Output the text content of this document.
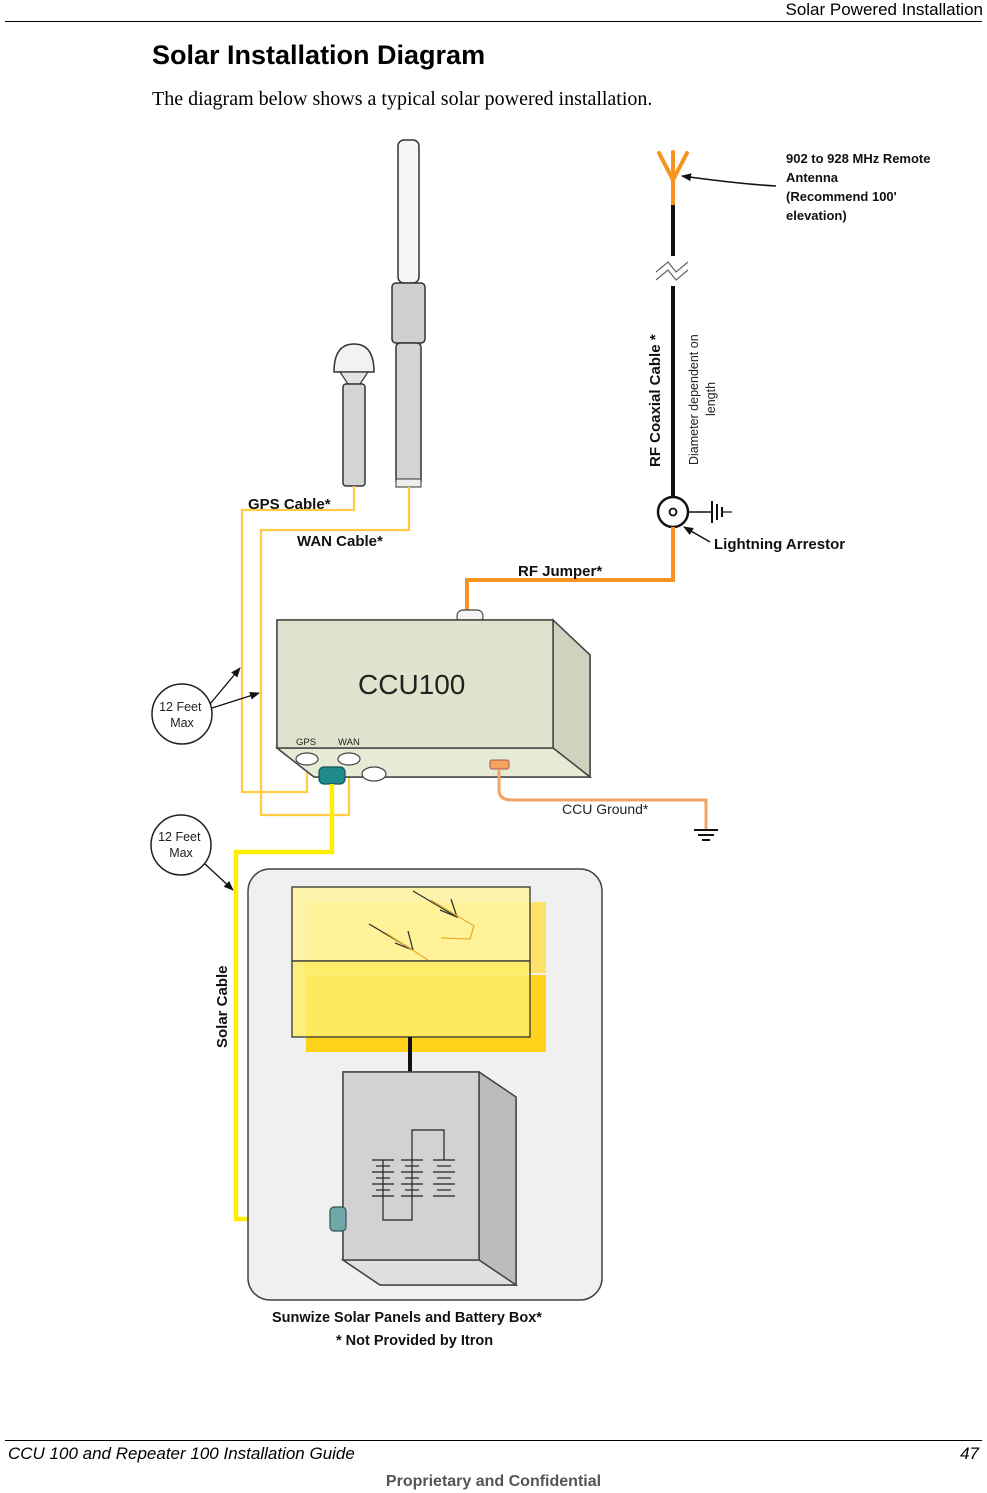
Solar Powered Installation
Solar Installation Diagram

The diagram below shows a typical solar powered installation.

902 to 928 MHz Remote Antenna (Recommend 100' elevation)
RF Coaxial Cable * Diameter dependent on length
Lightning Arrestor
RF Jumper*
GPS Cable*
WAN Cable*
CCU100
GPS WAN
CCU Ground*
12 Feet Max
12 Feet Max
Solar Cable
Sunwize Solar Panels and Battery Box*
* Not Provided by Itron
CCU 100 and Repeater 100 Installation Guide	47
Proprietary and Confidential
